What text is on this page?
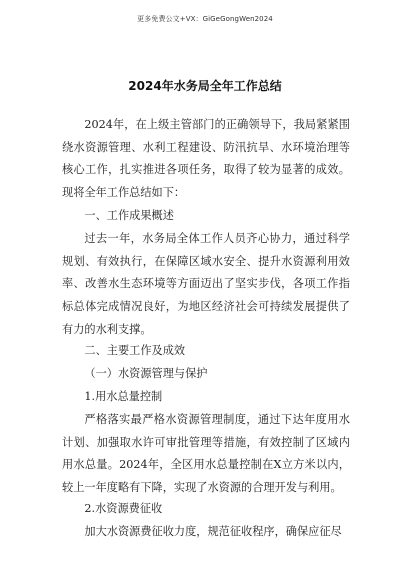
更多免费公文+VX：GiGeGongWen2024
2024年水务局全年工作总结

2024年，在上级主管部门的正确领导下，我局紧紧围绕水资源管理、水利工程建设、防汛抗旱、水环境治理等核心工作，扎实推进各项任务，取得了较为显著的成效。现将全年工作总结如下：

一、工作成果概述

过去一年，水务局全体工作人员齐心协力，通过科学规划、有效执行，在保障区域水安全、提升水资源利用效率、改善水生态环境等方面迈出了坚实步伐，各项工作指标总体完成情况良好，为地区经济社会可持续发展提供了有力的水利支撑。

二、主要工作及成效

（一）水资源管理与保护

1.用水总量控制

严格落实最严格水资源管理制度，通过下达年度用水计划、加强取水许可审批管理等措施，有效控制了区域内用水总量。2024年，全区用水总量控制在X立方米以内，较上一年度略有下降，实现了水资源的合理开发与利用。

2.水资源费征收

加大水资源费征收力度，规范征收程序，确保应征尽
